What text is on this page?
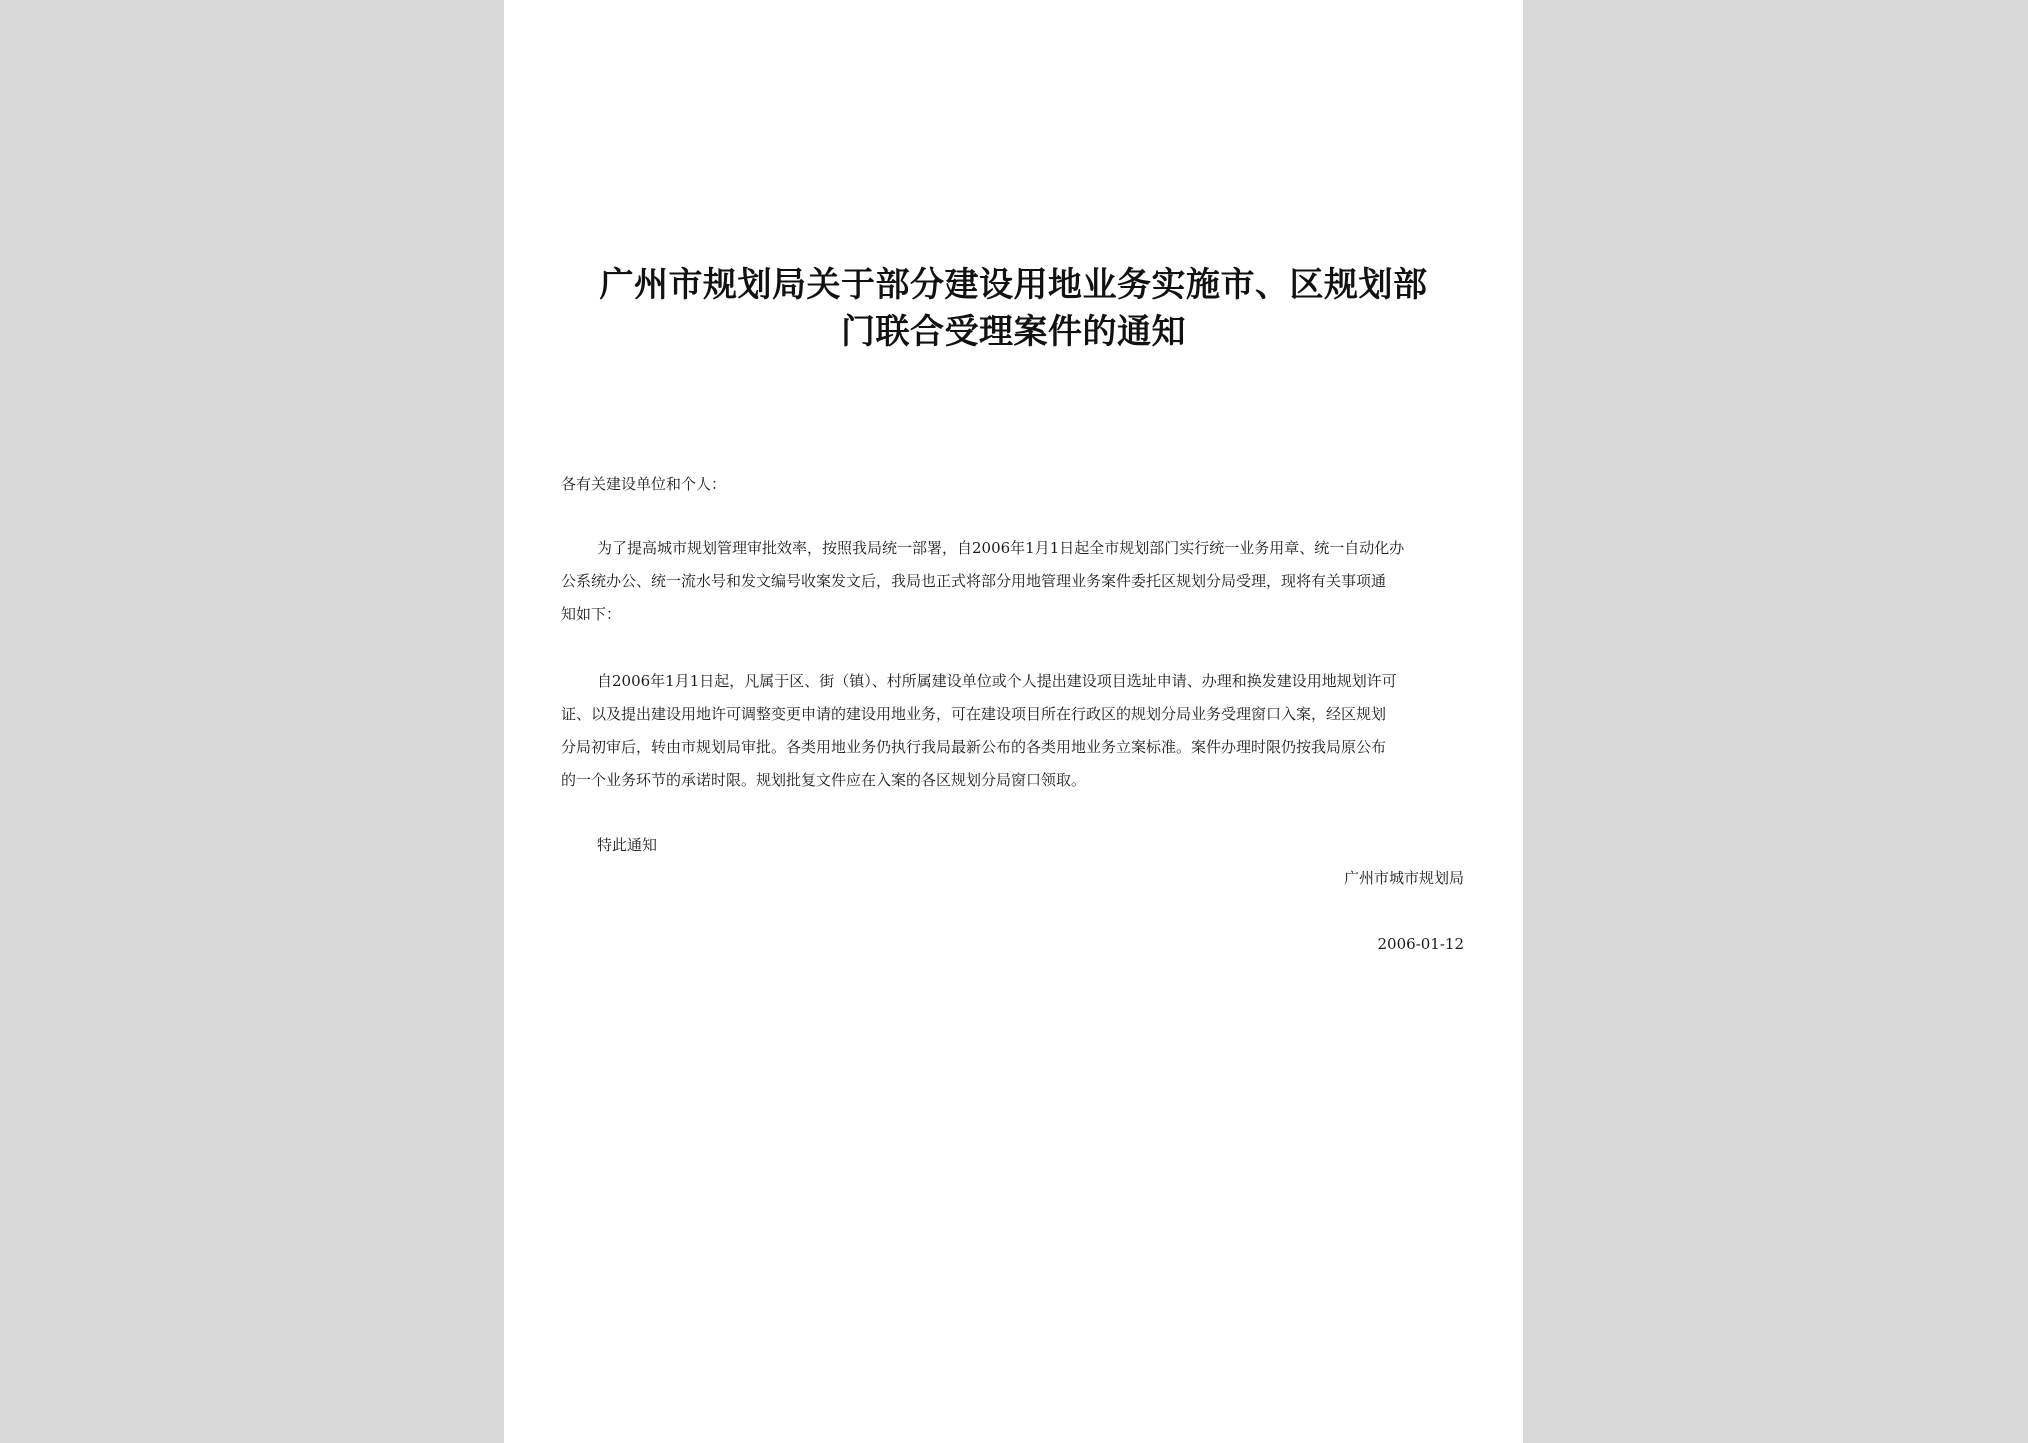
广州市规划局关于部分建设用地业务实施市、区规划部
门联合受理案件的通知
各有关建设单位和个人：
为了提高城市规划管理审批效率，按照我局统一部署，自2006年1月1日起全市规划部门实行统一业务用章、统一自动化办
公系统办公、统一流水号和发文编号收案发文后，我局也正式将部分用地管理业务案件委托区规划分局受理，现将有关事项通
知如下：
自2006年1月1日起，凡属于区、街（镇）、村所属建设单位或个人提出建设项目选址申请、办理和换发建设用地规划许可
证、以及提出建设用地许可调整变更申请的建设用地业务，可在建设项目所在行政区的规划分局业务受理窗口入案，经区规划
分局初审后，转由市规划局审批。各类用地业务仍执行我局最新公布的各类用地业务立案标准。案件办理时限仍按我局原公布
的一个业务环节的承诺时限。规划批复文件应在入案的各区规划分局窗口领取。
特此通知
广州市城市规划局
2006-01-12
